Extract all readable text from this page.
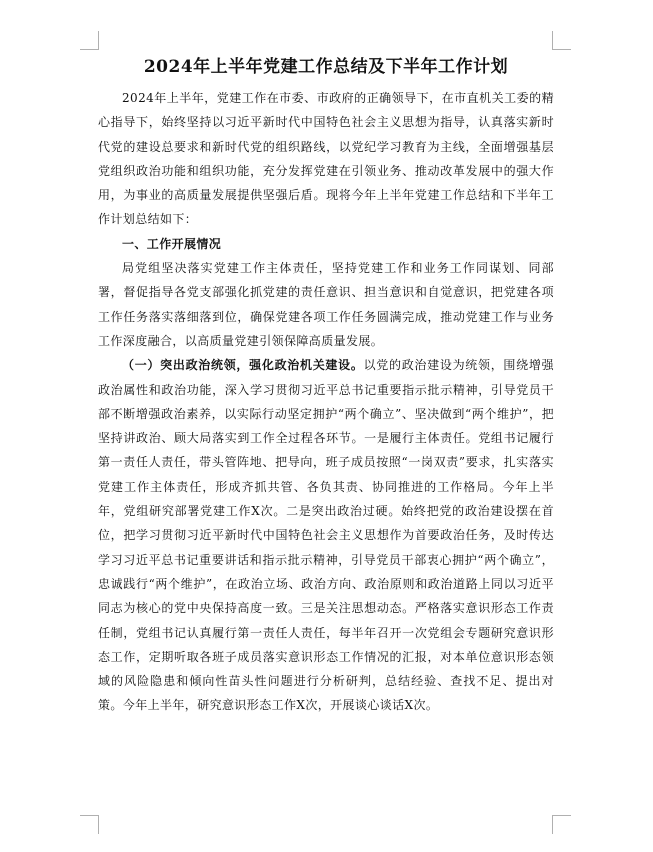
2024年上半年党建工作总结及下半年工作计划

2024年上半年，党建工作在市委、市政府的正确领导下，在市直机关工委的精心指导下，始终坚持以习近平新时代中国特色社会主义思想为指导，认真落实新时代党的建设总要求和新时代党的组织路线，以党纪学习教育为主线，全面增强基层党组织政治功能和组织功能，充分发挥党建在引领业务、推动改革发展中的强大作用，为事业的高质量发展提供坚强后盾。现将今年上半年党建工作总结和下半年工作计划总结如下：

一、工作开展情况

局党组坚决落实党建工作主体责任，坚持党建工作和业务工作同谋划、同部署，督促指导各党支部强化抓党建的责任意识、担当意识和自觉意识，把党建各项工作任务落实落细落到位，确保党建各项工作任务圆满完成，推动党建工作与业务工作深度融合，以高质量党建引领保障高质量发展。

（一）突出政治统领，强化政治机关建设。以党的政治建设为统领，围绕增强政治属性和政治功能，深入学习贯彻习近平总书记重要指示批示精神，引导党员干部不断增强政治素养，以实际行动坚定拥护“两个确立”、坚决做到“两个维护”，把坚持讲政治、顾大局落实到工作全过程各环节。一是履行主体责任。党组书记履行第一责任人责任，带头管阵地、把导向，班子成员按照“一岗双责”要求，扎实落实党建工作主体责任，形成齐抓共管、各负其责、协同推进的工作格局。今年上半年，党组研究部署党建工作X次。二是突出政治过硬。始终把党的政治建设摆在首位，把学习贯彻习近平新时代中国特色社会主义思想作为首要政治任务，及时传达学习习近平总书记重要讲话和指示批示精神，引导党员干部衷心拥护“两个确立”，忠诚践行“两个维护”，在政治立场、政治方向、政治原则和政治道路上同以习近平同志为核心的党中央保持高度一致。三是关注思想动态。严格落实意识形态工作责任制，党组书记认真履行第一责任人责任，每半年召开一次党组会专题研究意识形态工作，定期听取各班子成员落实意识形态工作情况的汇报，对本单位意识形态领域的风险隐患和倾向性苗头性问题进行分析研判，总结经验、查找不足、提出对策。今年上半年，研究意识形态工作X次，开展谈心谈话X次。
